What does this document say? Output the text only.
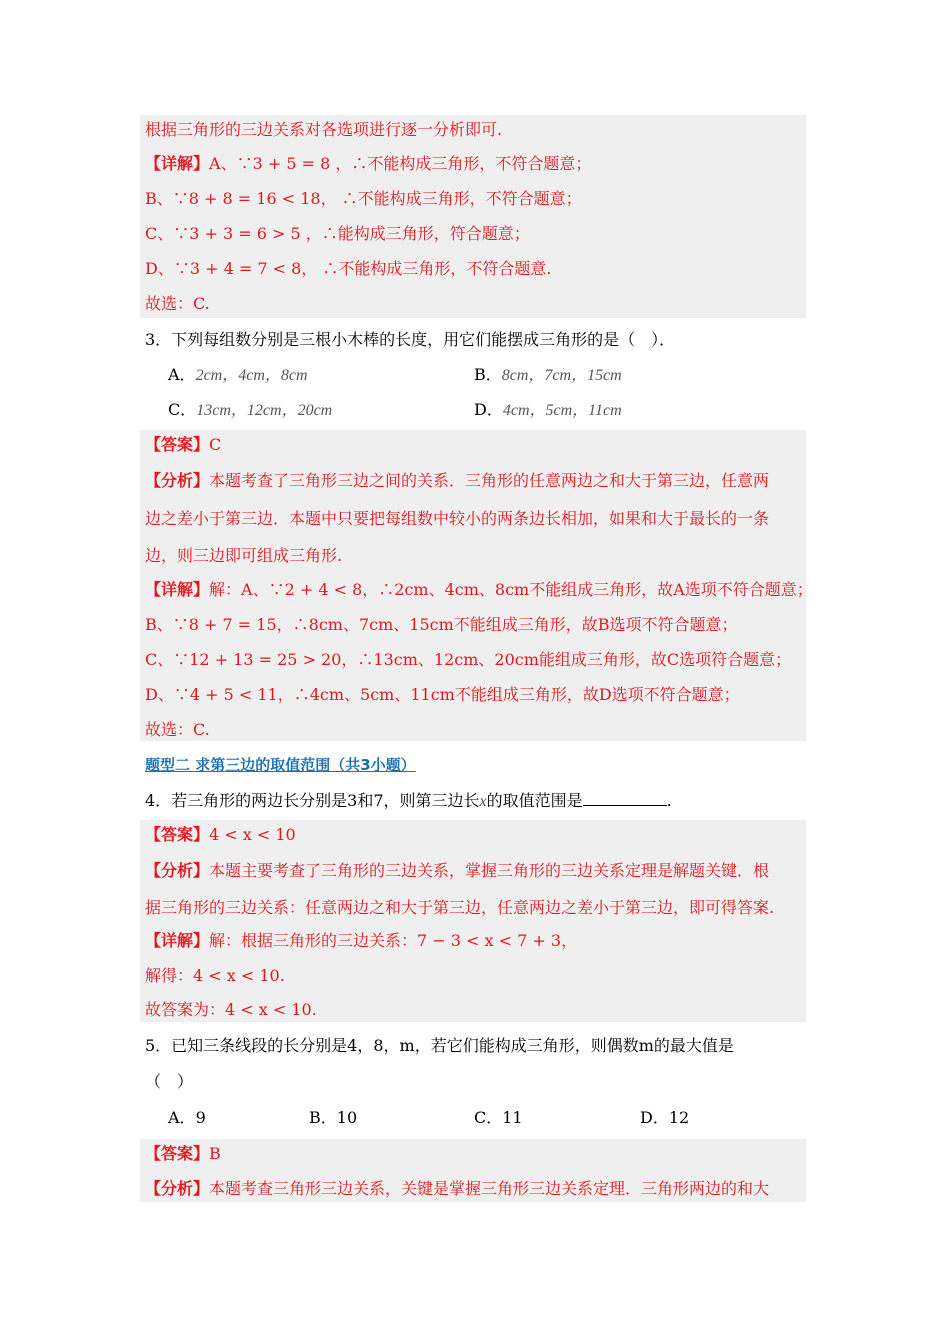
根据三角形的三边关系对各选项进行逐一分析即可.
【详解】A、∵3 + 5 = 8 ，∴不能构成三角形，不符合题意；
B、∵8 + 8 = 16 < 18， ∴不能构成三角形，不符合题意；
C、∵3 + 3 = 6 > 5 ，∴能构成三角形，符合题意；
D、∵3 + 4 = 7 < 8， ∴不能构成三角形，不符合题意.
故选：C.
3．下列每组数分别是三根小木棒的长度，用它们能摆成三角形的是（　）．
A．2cm，4cm，8cm	B．8cm，7cm，15cm
C．13cm，12cm，20cm	D．4cm，5cm，11cm
【答案】C
【分析】本题考查了三角形三边之间的关系．三角形的任意两边之和大于第三边，任意两
边之差小于第三边．本题中只要把每组数中较小的两条边长相加，如果和大于最长的一条
边，则三边即可组成三角形.
【详解】解：A、∵2 + 4 < 8，∴2cm、4cm、8cm不能组成三角形，故A选项不符合题意；
B、∵8 + 7 = 15，∴8cm、7cm、15cm不能组成三角形，故B选项不符合题意；
C、∵12 + 13 = 25 > 20，∴13cm、12cm、20cm能组成三角形，故C选项符合题意；
D、∵4 + 5 < 11，∴4cm、5cm、11cm不能组成三角形，故D选项不符合题意；
故选：C.
题型二 求第三边的取值范围（共3小题）
4．若三角形的两边长分别是3和7，则第三边长x的取值范围是	.
【答案】4 < x < 10
【分析】本题主要考查了三角形的三边关系，掌握三角形的三边关系定理是解题关键．根
据三角形的三边关系：任意两边之和大于第三边，任意两边之差小于第三边，即可得答案.
【详解】解：根据三角形的三边关系：7 − 3 < x < 7 + 3，
解得：4 < x < 10.
故答案为：4 < x < 10.
5．已知三条线段的长分别是4，8，m，若它们能构成三角形，则偶数m的最大值是
（　）
A．9	B．10	C．11	D．12
【答案】B
【分析】本题考查三角形三边关系，关键是掌握三角形三边关系定理．三角形两边的和大
